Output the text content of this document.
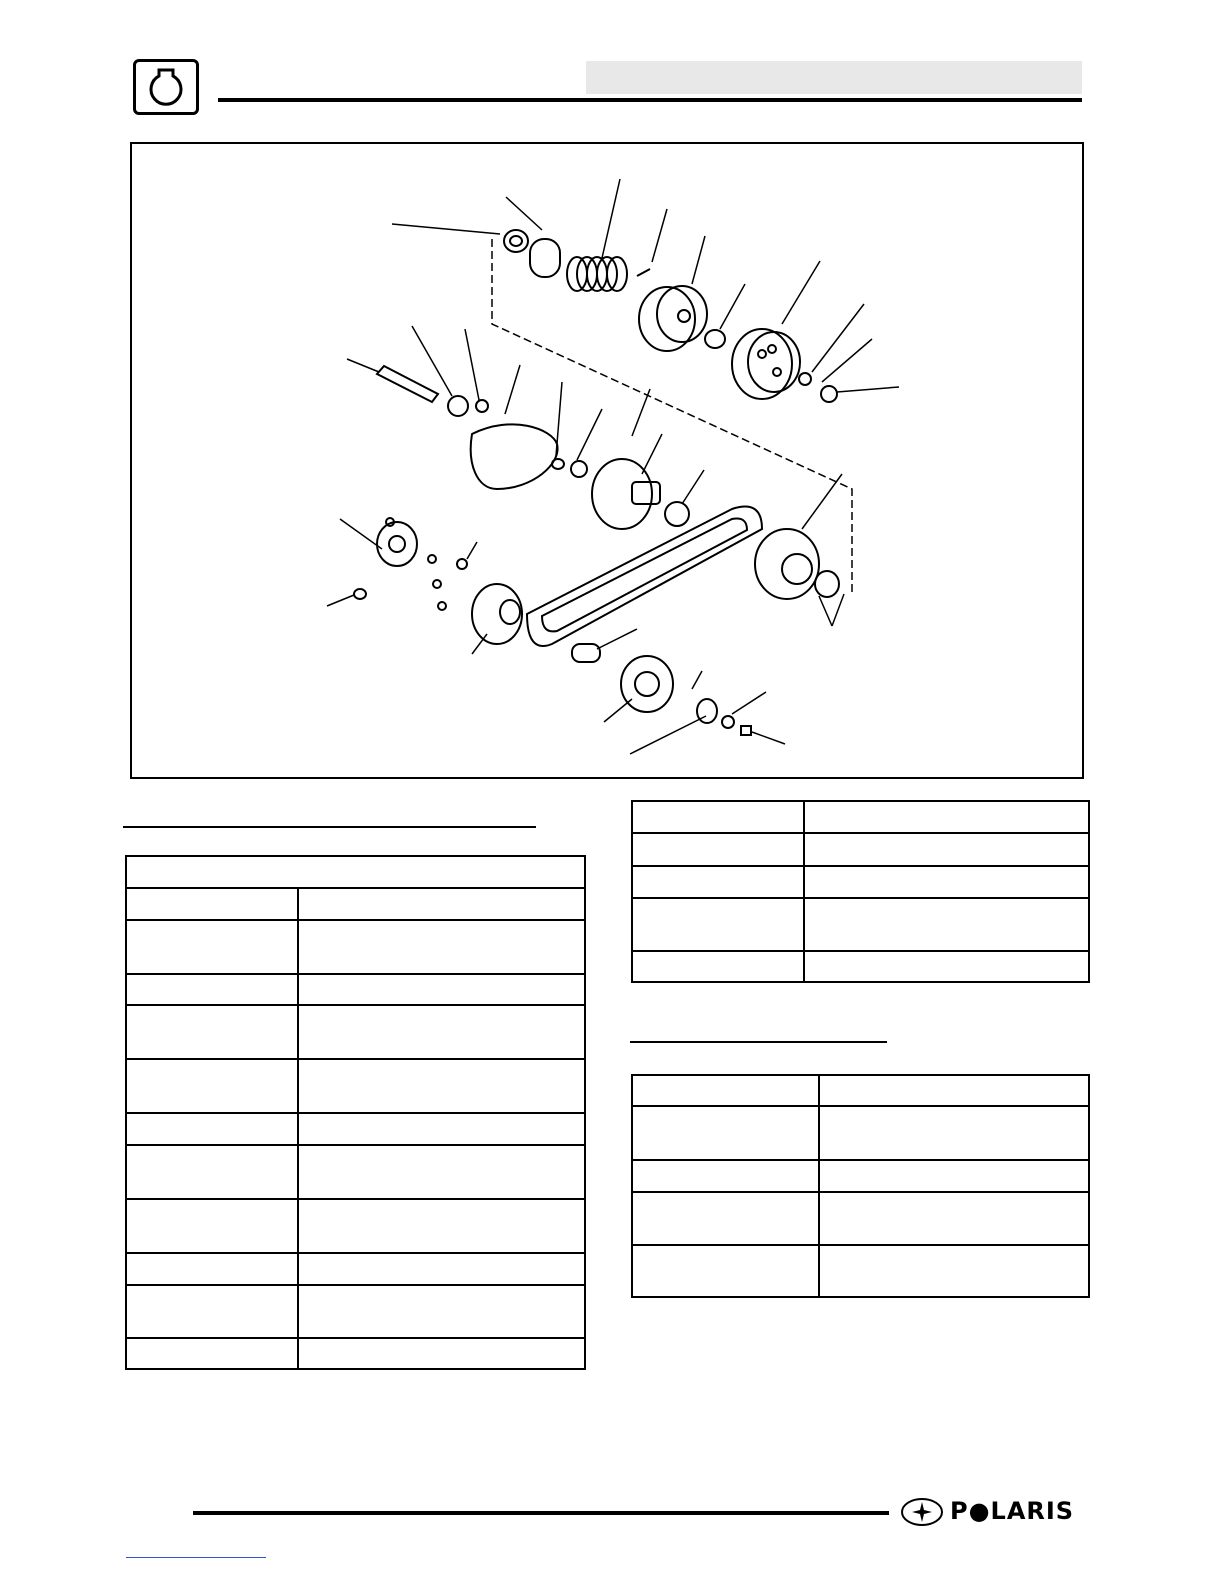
P●LARIS
